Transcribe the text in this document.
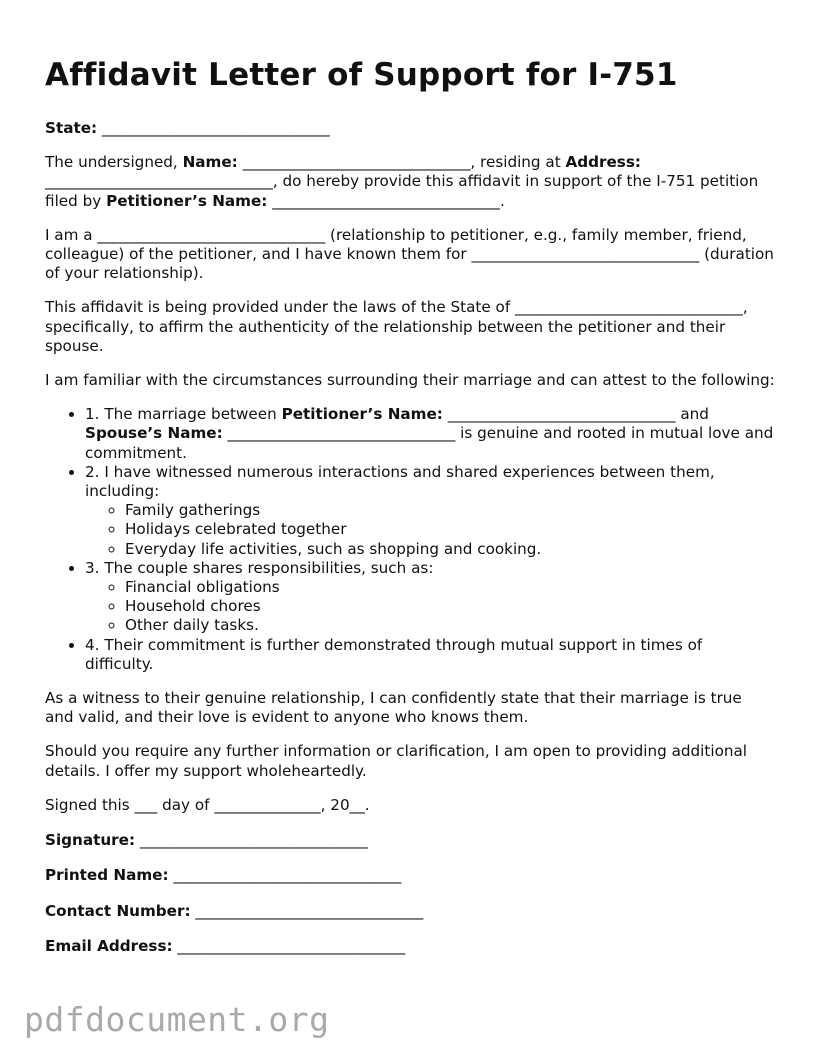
Affidavit Letter of Support for I-751

State: ______________________________

The undersigned, Name: ______________________________, residing at Address: ______________________________, do hereby provide this affidavit in support of the I-751 petition filed by Petitioner’s Name: ______________________________.

I am a ______________________________ (relationship to petitioner, e.g., family member, friend, colleague) of the petitioner, and I have known them for ______________________________ (duration of your relationship).

This affidavit is being provided under the laws of the State of ______________________________, specifically, to affirm the authenticity of the relationship between the petitioner and their spouse.

I am familiar with the circumstances surrounding their marriage and can attest to the following:

• 1. The marriage between Petitioner’s Name: ______________________________ and Spouse’s Name: ______________________________ is genuine and rooted in mutual love and commitment.
• 2. I have witnessed numerous interactions and shared experiences between them, including:
◦ Family gatherings
◦ Holidays celebrated together
◦ Everyday life activities, such as shopping and cooking.
• 3. The couple shares responsibilities, such as:
◦ Financial obligations
◦ Household chores
◦ Other daily tasks.
• 4. Their commitment is further demonstrated through mutual support in times of difficulty.

As a witness to their genuine relationship, I can confidently state that their marriage is true and valid, and their love is evident to anyone who knows them.

Should you require any further information or clarification, I am open to providing additional details. I offer my support wholeheartedly.

Signed this ___ day of ______________, 20__.

Signature: ______________________________

Printed Name: ______________________________

Contact Number: ______________________________

Email Address: ______________________________

pdfdocument.org
